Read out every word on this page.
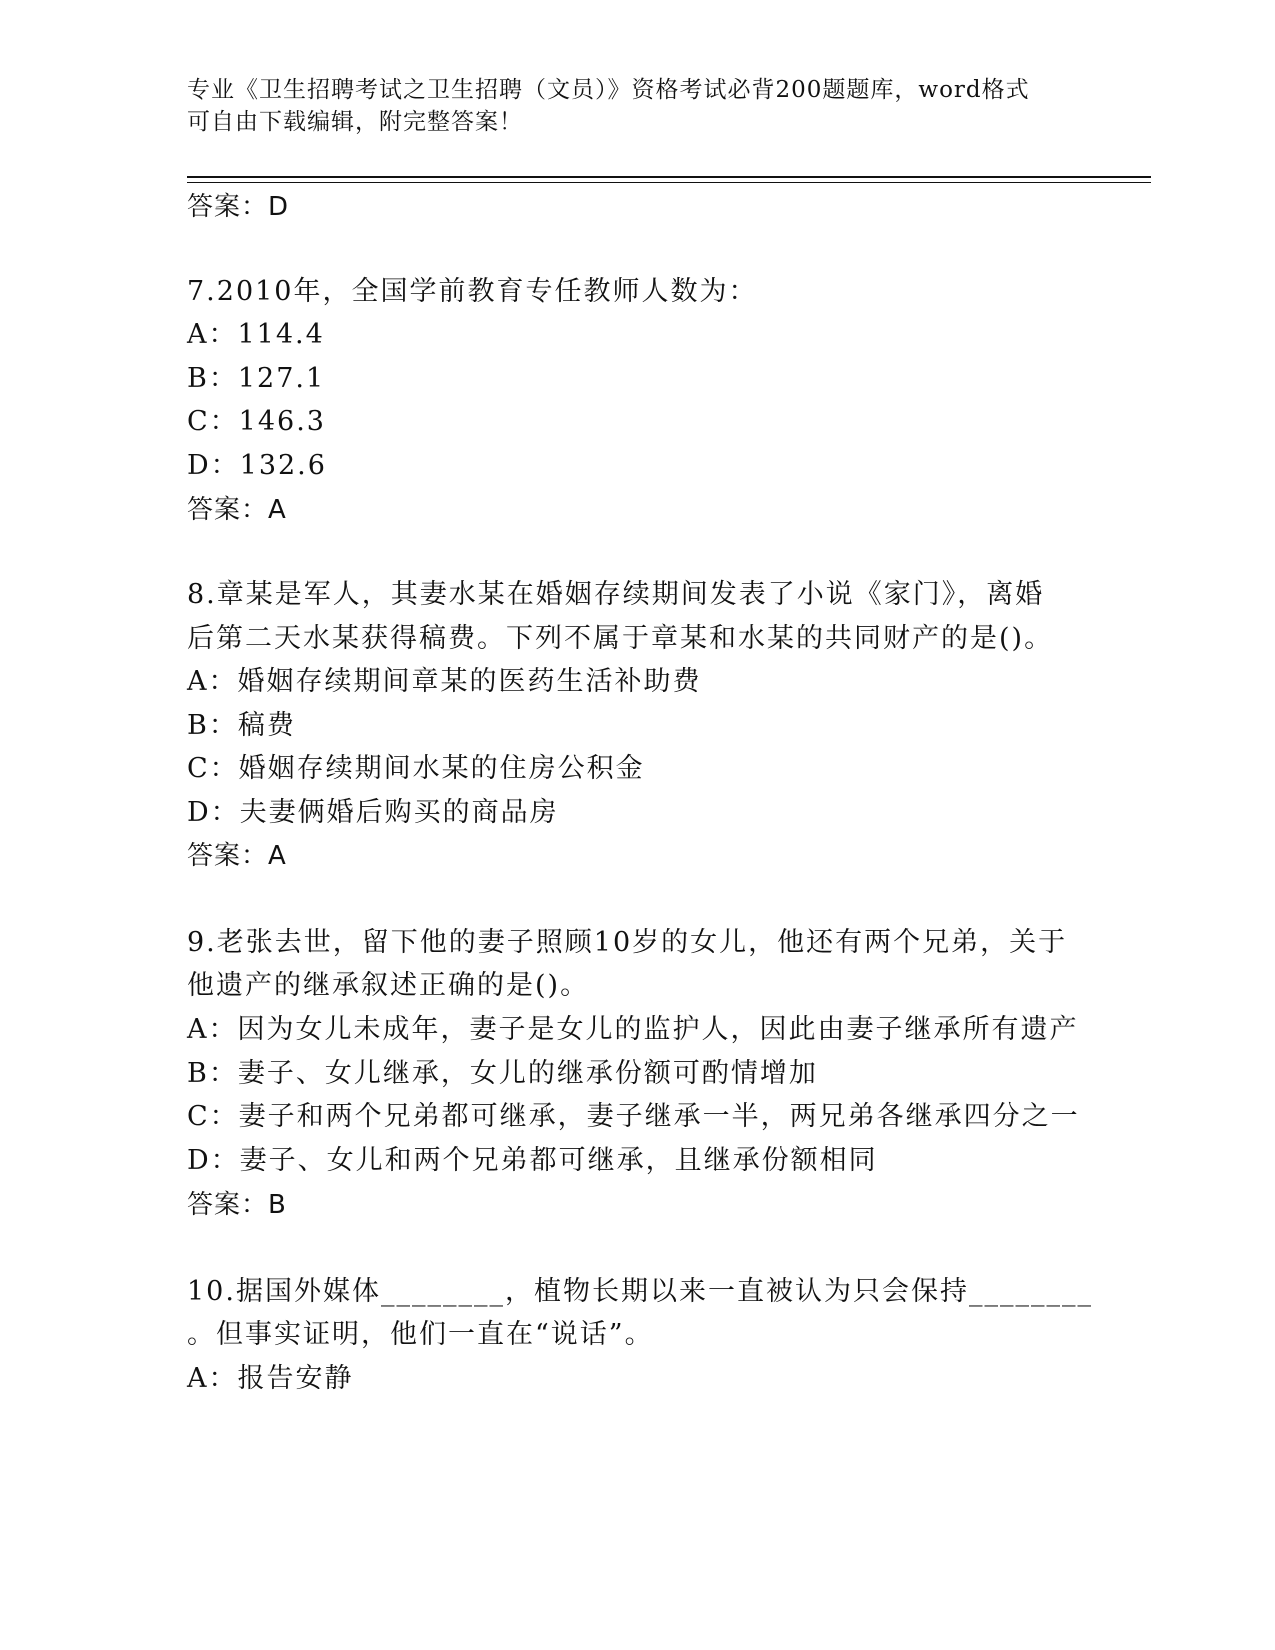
专业《卫生招聘考试之卫生招聘（文员）》资格考试必背200题题库，word格式
可自由下载编辑，附完整答案！
答案：D
7.2010年，全国学前教育专任教师人数为：
A：114.4
B：127.1
C：146.3
D：132.6
答案：A
8.章某是军人，其妻水某在婚姻存续期间发表了小说《家门》，离婚
后第二天水某获得稿费。下列不属于章某和水某的共同财产的是()。
A：婚姻存续期间章某的医药生活补助费
B：稿费
C：婚姻存续期间水某的住房公积金
D：夫妻俩婚后购买的商品房
答案：A
9.老张去世，留下他的妻子照顾10岁的女儿，他还有两个兄弟，关于
他遗产的继承叙述正确的是()。
A：因为女儿未成年，妻子是女儿的监护人，因此由妻子继承所有遗产
B：妻子、女儿继承，女儿的继承份额可酌情增加
C：妻子和两个兄弟都可继承，妻子继承一半，两兄弟各继承四分之一
D：妻子、女儿和两个兄弟都可继承，且继承份额相同
答案：B
10.据国外媒体________，植物长期以来一直被认为只会保持________
。但事实证明，他们一直在“说话”。
A：报告安静
